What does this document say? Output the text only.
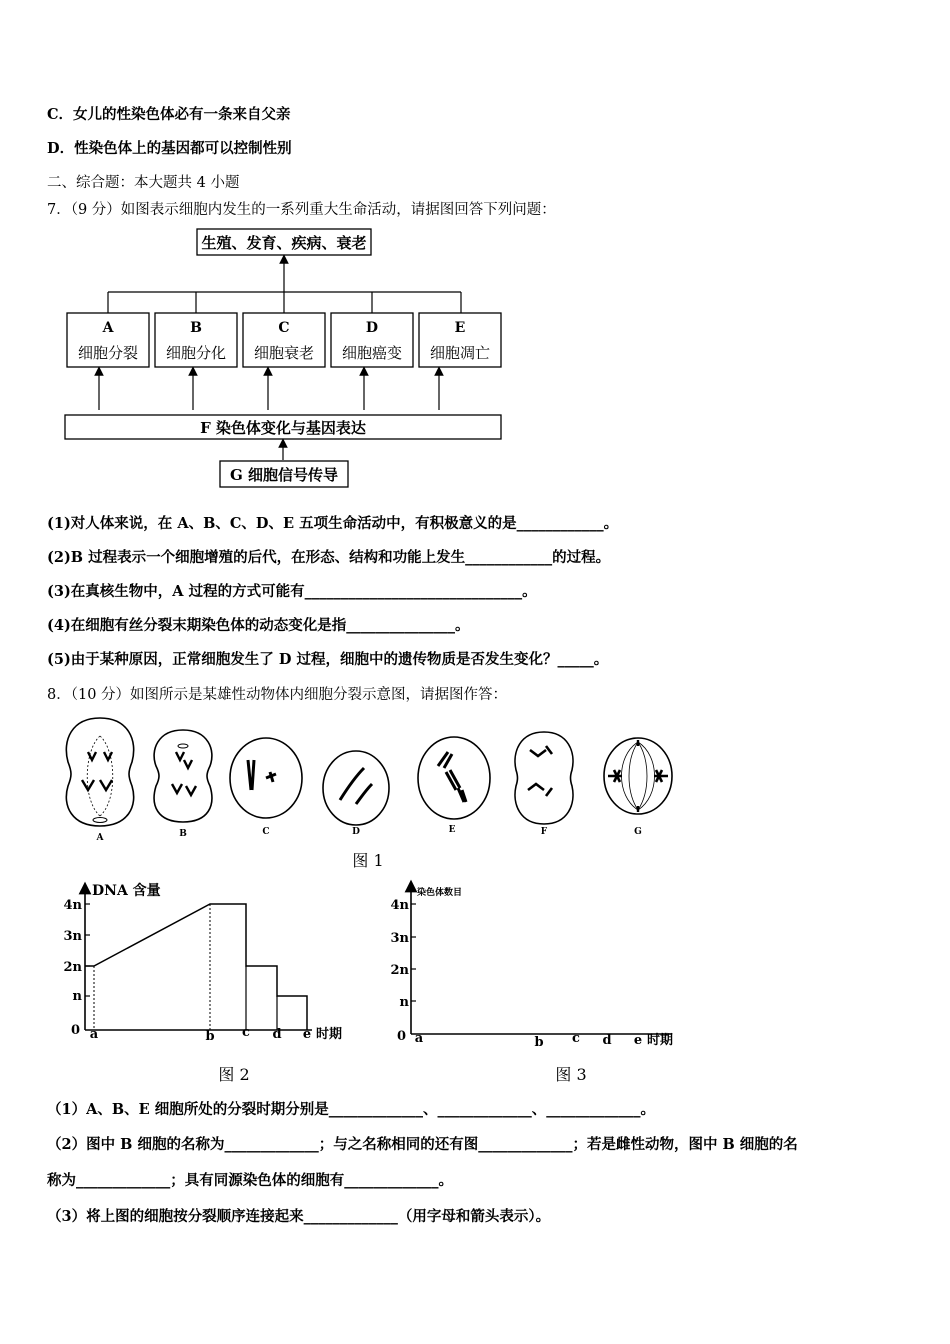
C．女儿的性染色体必有一条来自父亲
D．性染色体上的基因都可以控制性别
二、综合题：本大题共 4 小题
7．（9 分）如图表示细胞内发生的一系列重大生命活动，请据图回答下列问题：
生殖、发育、疾病、衰老
A
细胞分裂
B
细胞分化
C
细胞衰老
D
细胞癌变
E
细胞凋亡
F 染色体变化与基因表达
G 细胞信号传导
(1)对人体来说，在 A、B、C、D、E 五项生命活动中，有积极意义的是____________。
(2)B 过程表示一个细胞增殖的后代，在形态、结构和功能上发生____________的过程。
(3)在真核生物中，A 过程的方式可能有______________________________。
(4)在细胞有丝分裂末期染色体的动态变化是指_______________。
(5)由于某种原因，正常细胞发生了 D 过程，细胞中的遗传物质是否发生变化？_____。
8．（10 分）如图所示是某雄性动物体内细胞分裂示意图，请据图作答：
A	B	C	D	E	F	G
图 1
DNA 含量
4n
3n
2n
n
0 a	b c d e 时期
图 2
染色体数目
4n
3n
2n
n
0 a	b c d e 时期
图 3
（1）A、B、E 细胞所处的分裂时期分别是_____________、_____________、_____________。
（2）图中 B 细胞的名称为_____________；与之名称相同的还有图_____________；若是雌性动物，图中 B 细胞的名
称为_____________；具有同源染色体的细胞有_____________。
（3）将上图的细胞按分裂顺序连接起来_____________（用字母和箭头表示）。
